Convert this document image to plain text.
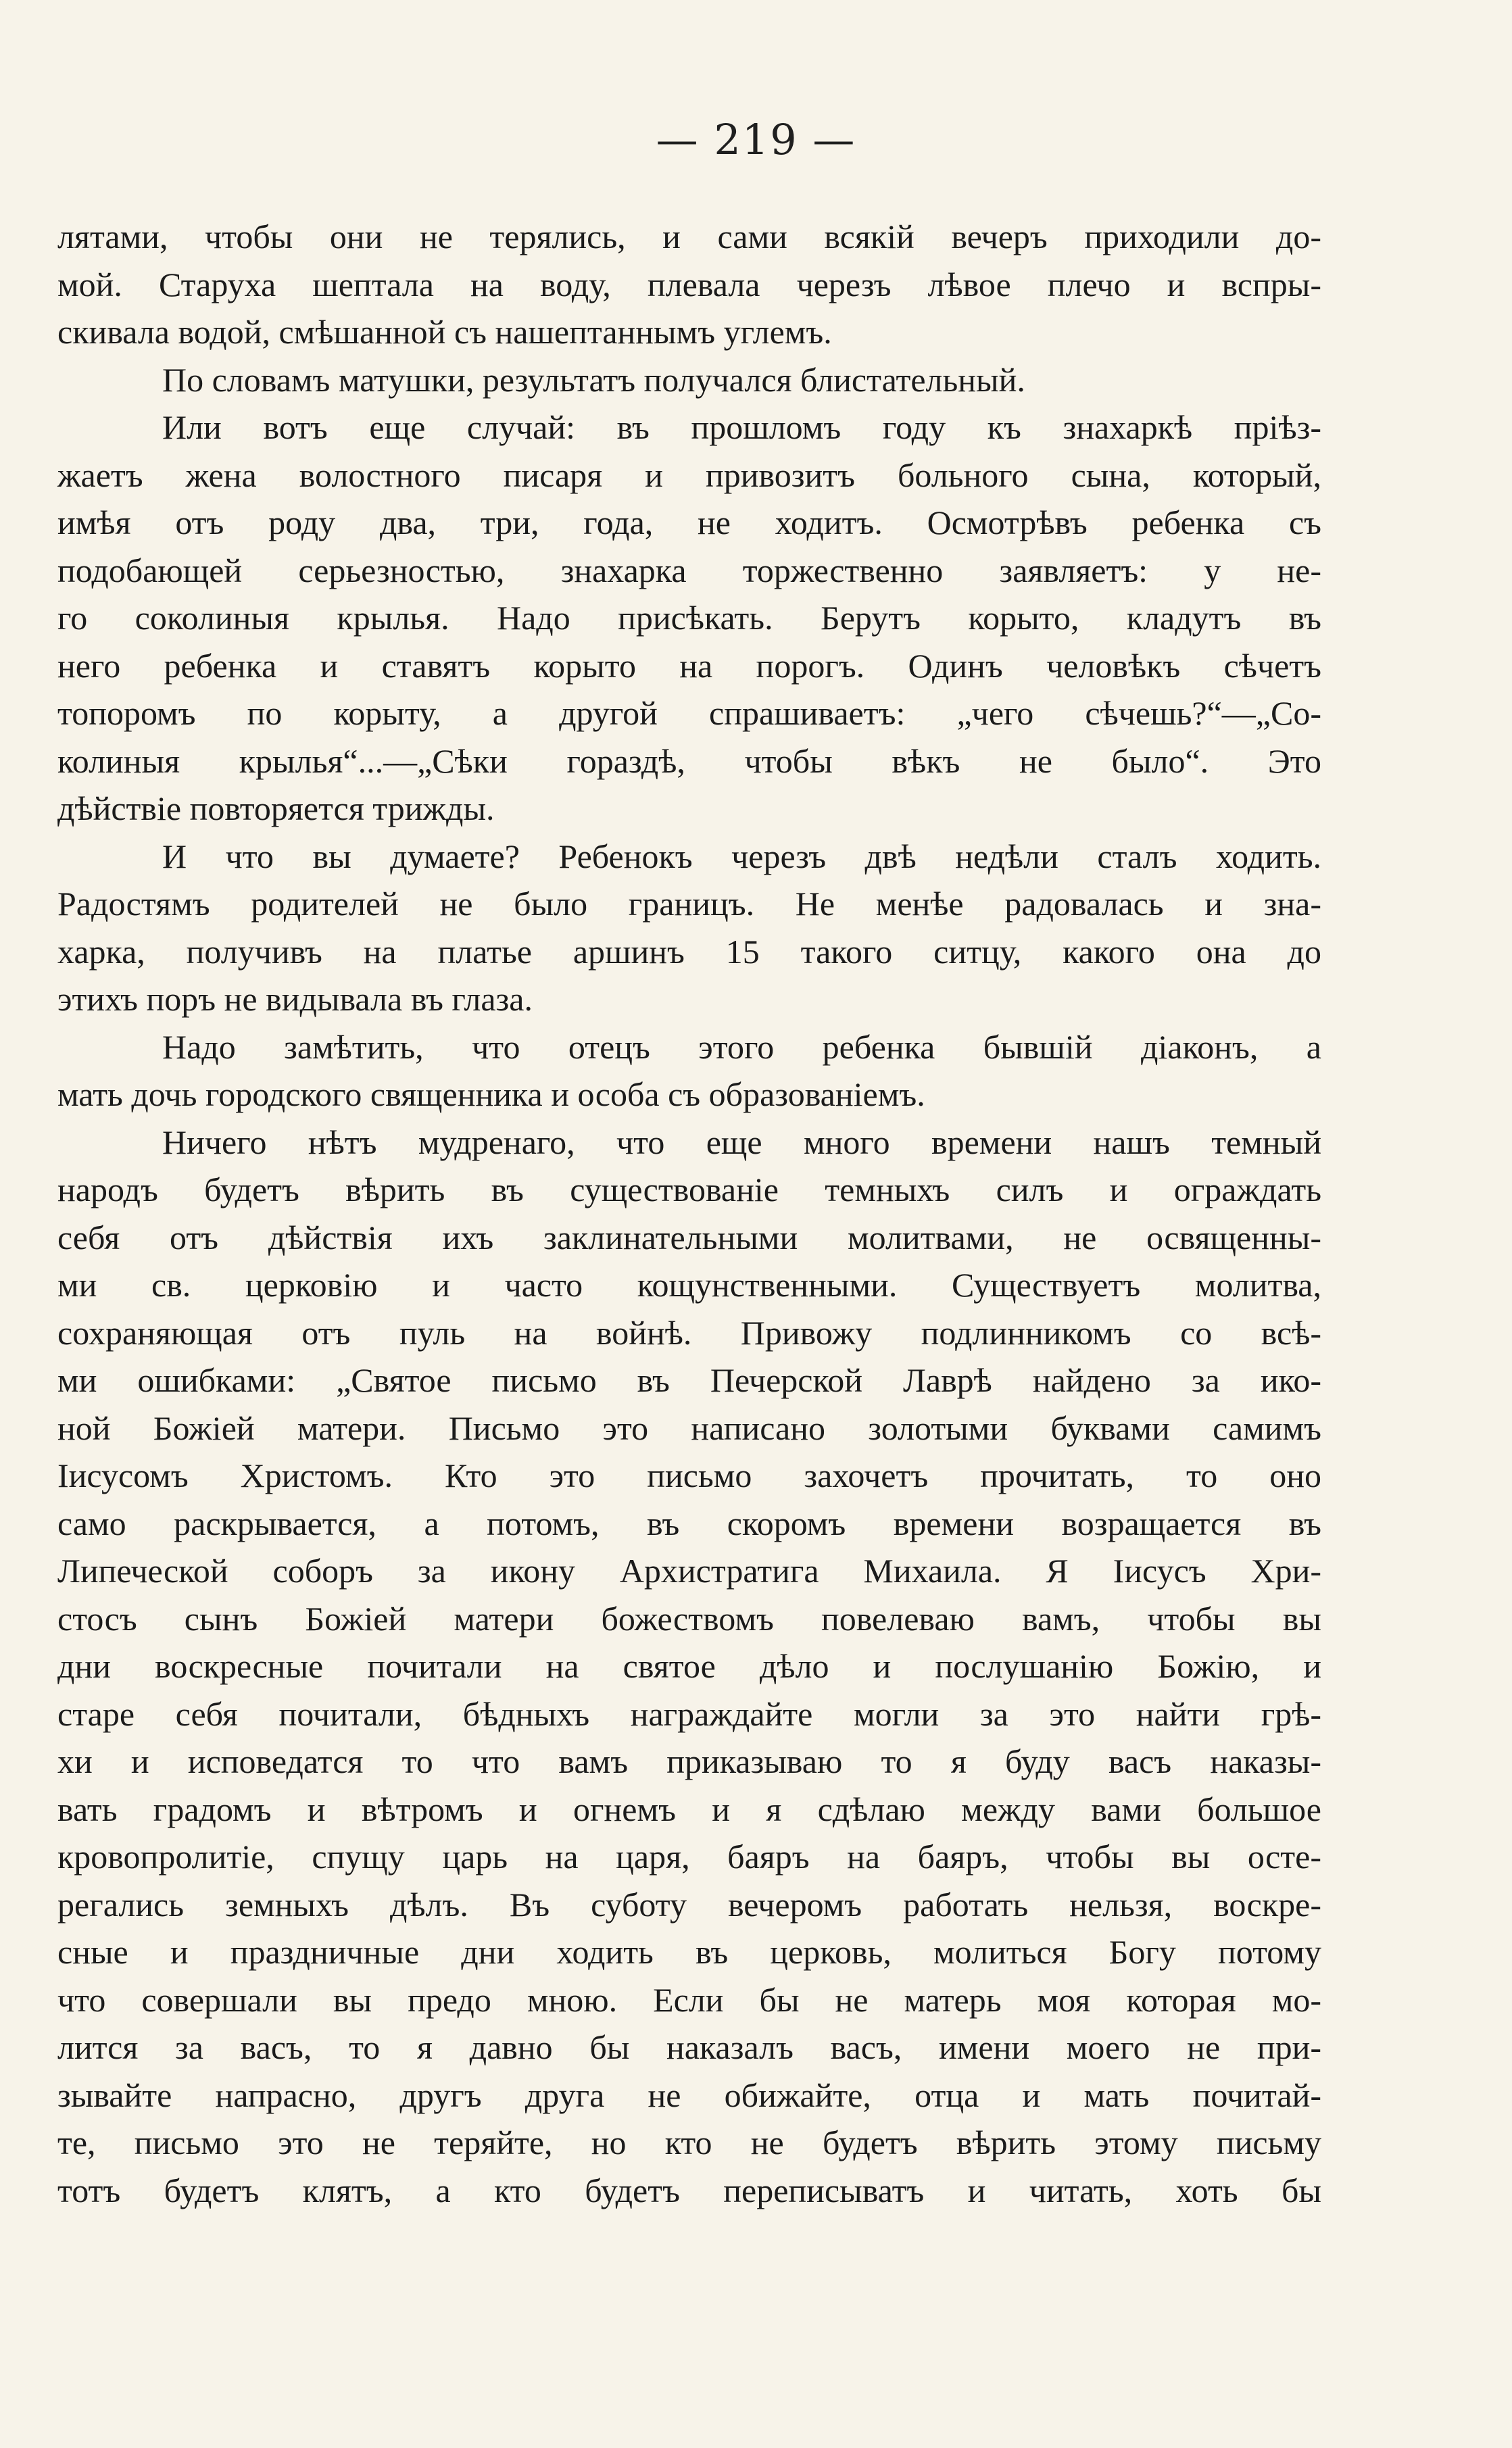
— 219 —
лятами, чтобы они не терялись, и сами всякій вечеръ приходили до-
мой. Старуха шептала на воду, плевала черезъ лѣвое плечо и вспры-
скивала водой, смѣшанной съ нашептаннымъ углемъ.
По словамъ матушки, результатъ получался блистательный.
Или вотъ еще случай: въ прошломъ году къ знахаркѣ пріѣз-
жаетъ жена волостного писаря и привозитъ больного сына, который,
имѣя отъ роду два, три, года, не ходитъ. Осмотрѣвъ ребенка съ
подобающей серьезностью, знахарка торжественно заявляетъ: у не-
го соколиныя крылья. Надо присѣкать. Берутъ корыто, кладутъ въ
него ребенка и ставятъ корыто на порогъ. Одинъ человѣкъ сѣчетъ
топоромъ по корыту, а другой спрашиваетъ: „чего сѣчешь?“—„Со-
колиныя крылья“...—„Сѣки гораздѣ, чтобы вѣкъ не было“. Это
дѣйствіе повторяется трижды.
И что вы думаете? Ребенокъ черезъ двѣ недѣли сталъ ходить.
Радостямъ родителей не было границъ. Не менѣе радовалась и зна-
харка, получивъ на платье аршинъ 15 такого ситцу, какого она до
этихъ поръ не видывала въ глаза.
Надо замѣтить, что отецъ этого ребенка бывшій діаконъ, а
мать дочь городского священника и особа съ образованіемъ.
Ничего нѣтъ мудренаго, что еще много времени нашъ темный
народъ будетъ вѣрить въ существованіе темныхъ силъ и ограждать
себя отъ дѣйствія ихъ заклинательными молитвами, не освященны-
ми св. церковію и часто кощунственными. Существуетъ молитва,
сохраняющая отъ пуль на войнѣ. Привожу подлинникомъ со всѣ-
ми ошибками: „Святое письмо въ Печерской Лаврѣ найдено за ико-
ной Божіей матери. Письмо это написано золотыми буквами самимъ
Іисусомъ Христомъ. Кто это письмо захочетъ прочитать, то оно
само раскрывается, а потомъ, въ скоромъ времени возращается въ
Липеческой соборъ за икону Архистратига Михаила. Я Іисусъ Хри-
стосъ сынъ Божіей матери божествомъ повелеваю вамъ, чтобы вы
дни воскресные почитали на святое дѣло и послушанію Божію, и
старе себя почитали, бѣдныхъ награждайте могли за это найти грѣ-
хи и исповедатся то что вамъ приказываю то я буду васъ наказы-
вать градомъ и вѣтромъ и огнемъ и я сдѣлаю между вами большое
кровопролитіе, спущу царь на царя, баяръ на баяръ, чтобы вы осте-
регались земныхъ дѣлъ. Въ суботу вечеромъ работать нельзя, воскре-
сные и праздничные дни ходить въ церковь, молиться Богу потому
что совершали вы предо мною. Если бы не матерь моя которая мо-
лится за васъ, то я давно бы наказалъ васъ, имени моего не при-
зывайте напрасно, другъ друга не обижайте, отца и мать почитай-
те, письмо это не теряйте, но кто не будетъ вѣрить этому письму
тотъ будетъ клятъ, а кто будетъ переписыватъ и читать, хоть бы
